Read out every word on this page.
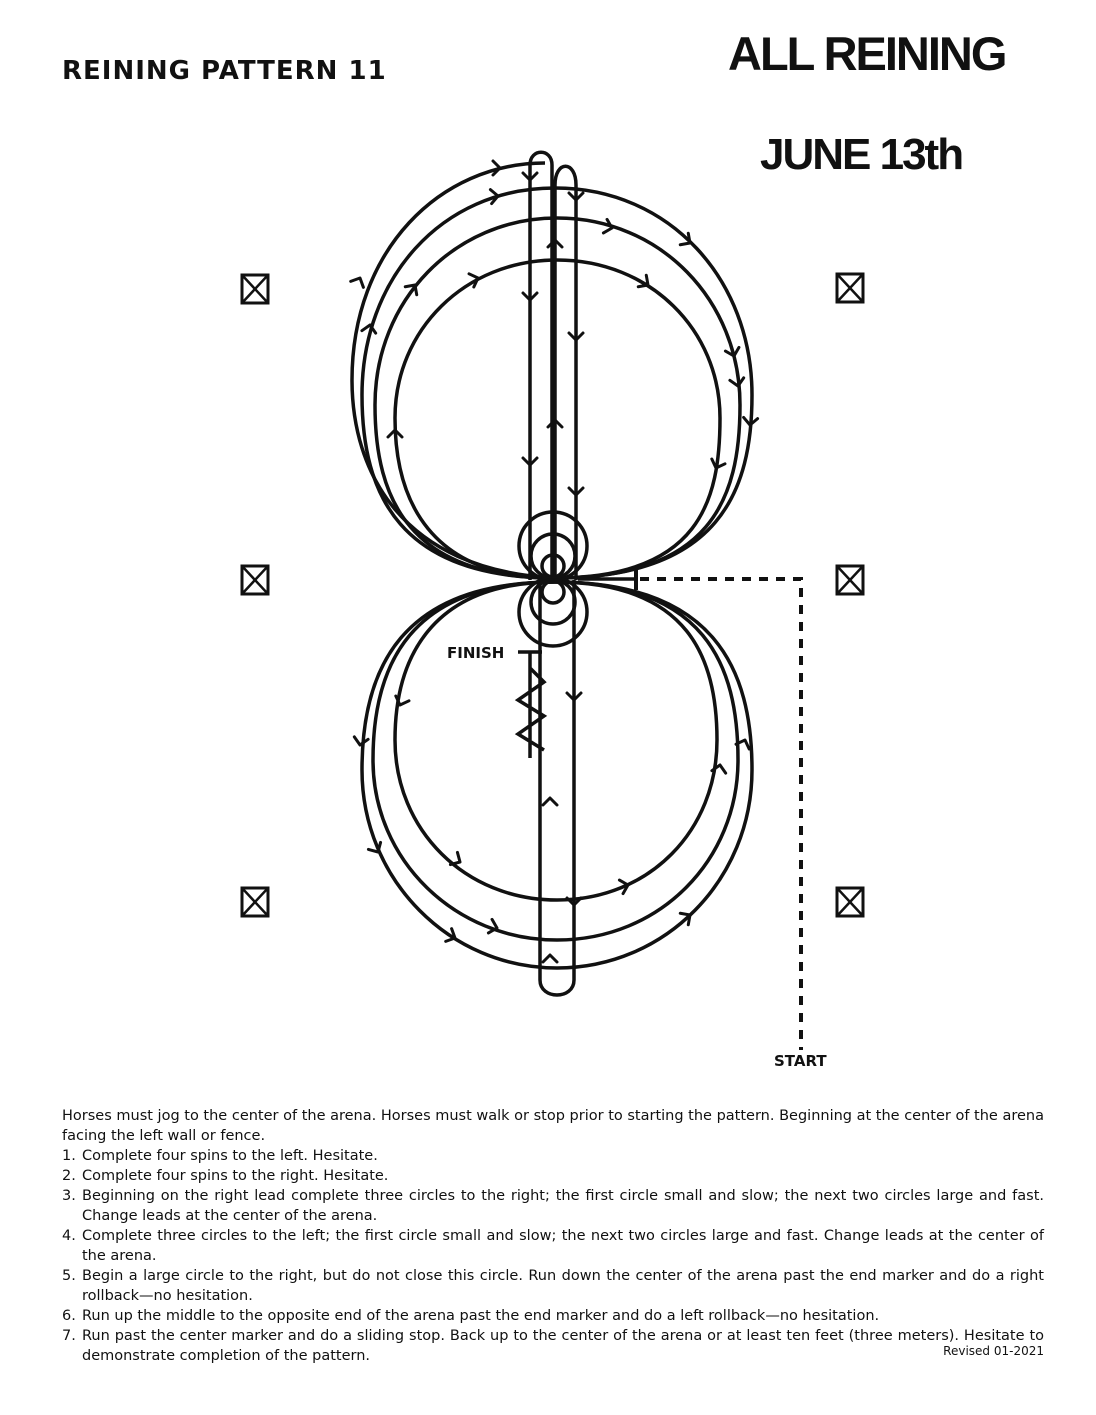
REINING PATTERN 11	ALL REINING
JUNE 13th
FINISH
START

Horses must jog to the center of the arena. Horses must walk or stop prior to starting the pattern. Beginning at the center of the arena facing the left wall or fence.

1. Complete four spins to the left. Hesitate.
2. Complete four spins to the right. Hesitate.
3. Beginning on the right lead complete three circles to the right; the first circle small and slow; the next two circles large and fast. Change leads at the center of the arena.
4. Complete three circles to the left; the first circle small and slow; the next two circles large and fast. Change leads at the center of the arena.
5. Begin a large circle to the right, but do not close this circle. Run down the center of the arena past the end marker and do a right rollback—no hesitation.
6. Run up the middle to the opposite end of the arena past the end marker and do a left rollback—no hesitation.
7. Run past the center marker and do a sliding stop. Back up to the center of the arena or at least ten feet (three meters). Hesitate to demonstrate completion of the pattern.	Revised 01-2021
